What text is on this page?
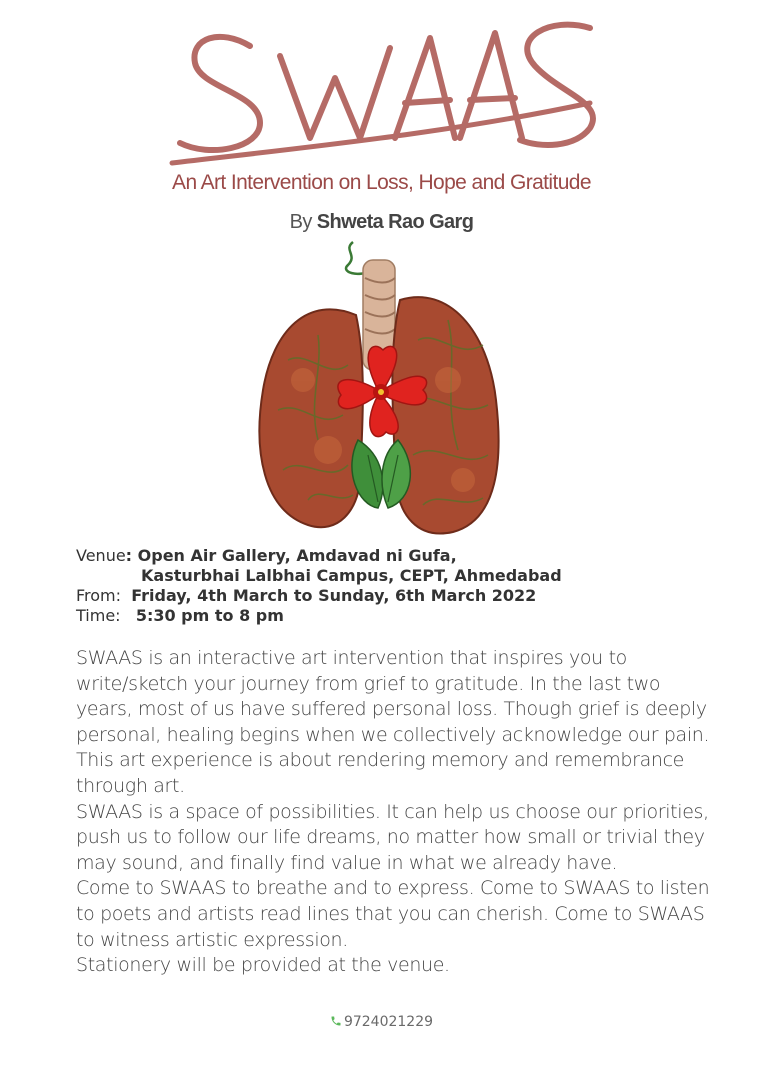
An Art Intervention on Loss, Hope and Gratitude
By Shweta Rao Garg
Venue: Open Air Gallery, Amdavad ni Gufa,
Kasturbhai Lalbhai Campus, CEPT, Ahmedabad
From:  Friday, 4th March to Sunday, 6th March 2022
Time:   5:30 pm to 8 pm

SWAAS is an interactive art intervention that inspires you to write/sketch your journey from grief to gratitude. In the last two years, most of us have suffered personal loss. Though grief is deeply personal, healing begins when we collectively acknowledge our pain. This art experience is about rendering memory and remembrance through art.

SWAAS is a space of possibilities. It can help us choose our priorities, push us to follow our life dreams, no matter how small or trivial they may sound, and finally find value in what we already have.

Come to SWAAS to breathe and to express. Come to SWAAS to listen to poets and artists read lines that you can cherish. Come to SWAAS to witness artistic expression.

Stationery will be provided at the venue.

9724021229
